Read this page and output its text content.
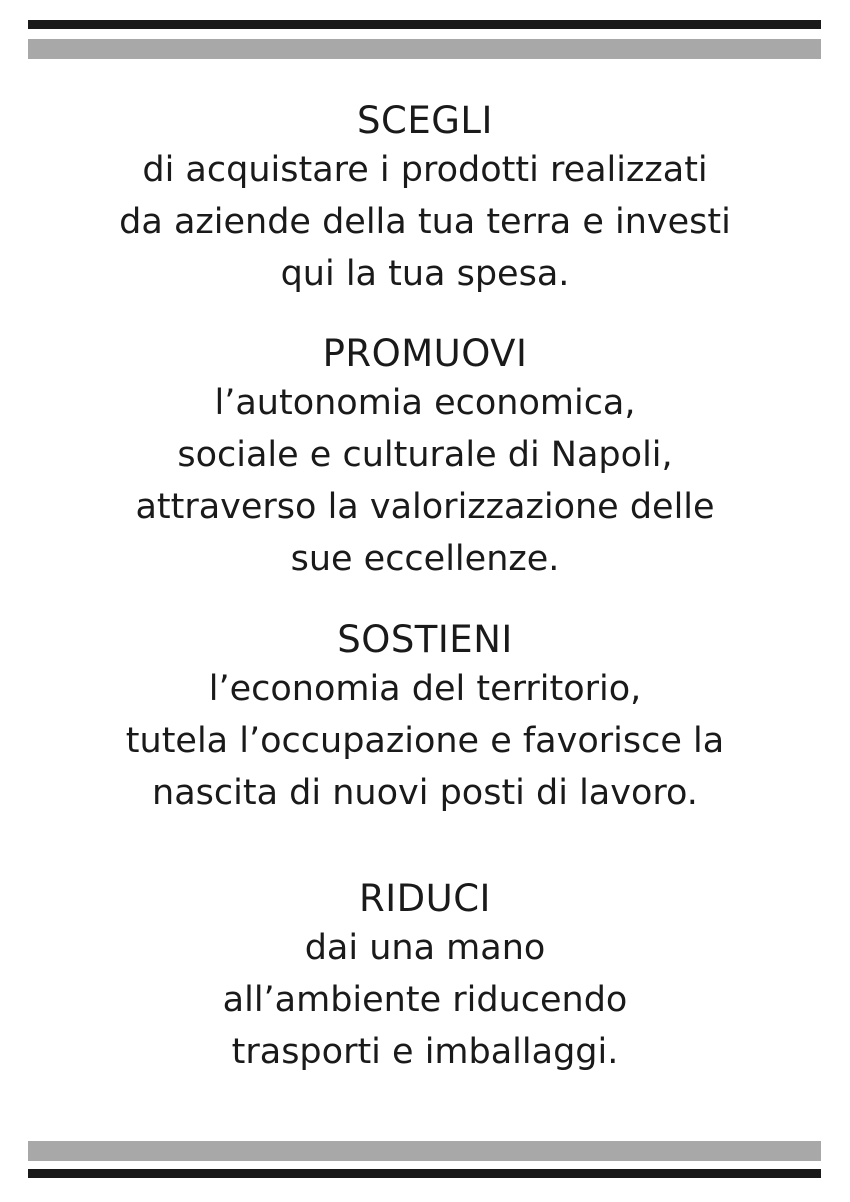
SCEGLI

di acquistare i prodotti realizzati

da aziende della tua terra e investi

qui la tua spesa.

PROMUOVI

l’autonomia economica,

sociale e culturale di Napoli,

attraverso la valorizzazione delle

sue eccellenze.

SOSTIENI

l’economia del territorio,

tutela l’occupazione e favorisce la

nascita di nuovi posti di lavoro.

RIDUCI

dai una mano

all’ambiente riducendo

trasporti e imballaggi.
